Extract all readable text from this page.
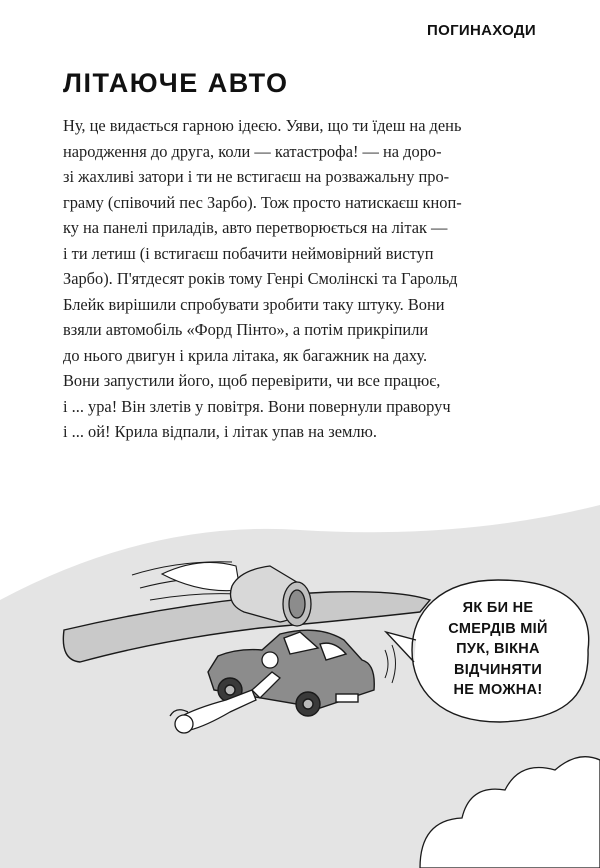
ПОГИНАХОДИ
ЛІТАЮЧЕ АВТО
Ну, це видається гарною ідеєю. Уяви, що ти їдеш на день
народження до друга, коли — катастрофа! — на доро-
зі жахливі затори і ти не встигаєш на розважальну про-
граму (співочий пес Зарбо). Тож просто натискаєш кноп-
ку на панелі приладів, авто перетворюється на літак —
і ти летиш (і встигаєш побачити неймовірний виступ
Зарбо). П'ятдесят років тому Генрі Смолінскі та Гарольд
Блейк вирішили спробувати зробити таку штуку. Вони
взяли автомобіль «Форд Пінто», а потім прикріпили
до нього двигун і крила літака, як багажник на даху.
Вони запустили його, щоб перевірити, чи все працює,
і ... ура! Він злетів у повітря. Вони повернули праворуч
і ... ой! Крила відпали, і літак упав на землю.
ЯК БИ НЕ
СМЕРДІВ МІЙ
ПУК, ВІКНА
ВІДЧИНЯТИ
НЕ МОЖНА!
